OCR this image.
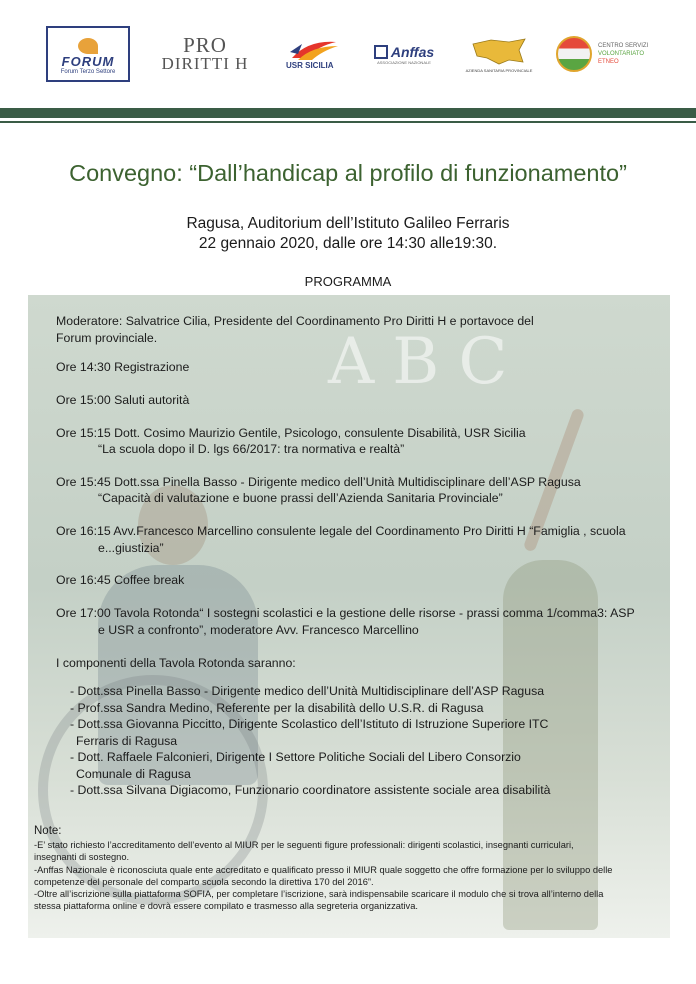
FORUM
Forum Terzo Settore
PRO
DIRITTI H	USR SICILIA
Anffas
ASSOCIAZIONE NAZIONALE
AZIENDA SANITARIA PROVINCIALE
CENTRO SERVIZI
VOLONTARIATO
ETNEO
Convegno: “Dall’handicap al profilo di funzionamento”
Ragusa, Auditorium dell’Istituto Galileo Ferraris
22 gennaio 2020, dalle ore 14:30 alle19:30.
PROGRAMMA
ABC

Moderatore: Salvatrice Cilia, Presidente del Coordinamento Pro Diritti H e portavoce del
Forum provinciale.

Ore 14:30 Registrazione
Ore 15:00 Saluti autorità
Ore 15:15 Dott. Cosimo Maurizio Gentile, Psicologo, consulente Disabilità, USR Sicilia
“La scuola dopo il D. lgs 66/2017: tra normativa e realtà”
Ore 15:45 Dott.ssa Pinella Basso - Dirigente medico dell’Unità Multidisciplinare dell’ASP Ragusa
“Capacità di valutazione e buone prassi dell’Azienda Sanitaria Provinciale”
Ore 16:15 Avv.Francesco Marcellino consulente legale del Coordinamento Pro Diritti H “Famiglia , scuola
e...giustizia”
Ore 16:45 Coffee break
Ore 17:00 Tavola Rotonda“ I sostegni scolastici e la gestione delle risorse - prassi comma 1/comma3: ASP
e USR a confronto”, moderatore Avv. Francesco Marcellino

I componenti della Tavola Rotonda saranno:

- Dott.ssa Pinella Basso - Dirigente medico dell’Unità Multidisciplinare dell’ASP Ragusa
- Prof.ssa Sandra Medino, Referente per la disabilità dello U.S.R. di Ragusa
- Dott.ssa Giovanna Piccitto, Dirigente Scolastico dell’Istituto di Istruzione Superiore ITC
Ferraris di Ragusa
- Dott. Raffaele Falconieri, Dirigente I Settore Politiche Sociali del Libero Consorzio
Comunale di Ragusa
- Dott.ssa Silvana Digiacomo, Funzionario coordinatore assistente sociale area disabilità
Note:

-E’ stato richiesto l’accreditamento dell’evento al MIUR per le seguenti figure professionali: dirigenti scolastici, insegnanti curriculari,

insegnanti di sostegno.

-Anffas Nazionale è riconosciuta quale ente accreditato e qualificato presso il MIUR quale soggetto che offre formazione per lo sviluppo delle

competenze del personale del comparto scuola secondo la direttiva 170 del 2016”.

-Oltre all’iscrizione sulla piattaforma SOFIA, per completare l’iscrizione, sarà indispensabile scaricare il modulo che si trova all’interno della

stessa piattaforma online e dovrà essere compilato e trasmesso alla segreteria organizzativa.
